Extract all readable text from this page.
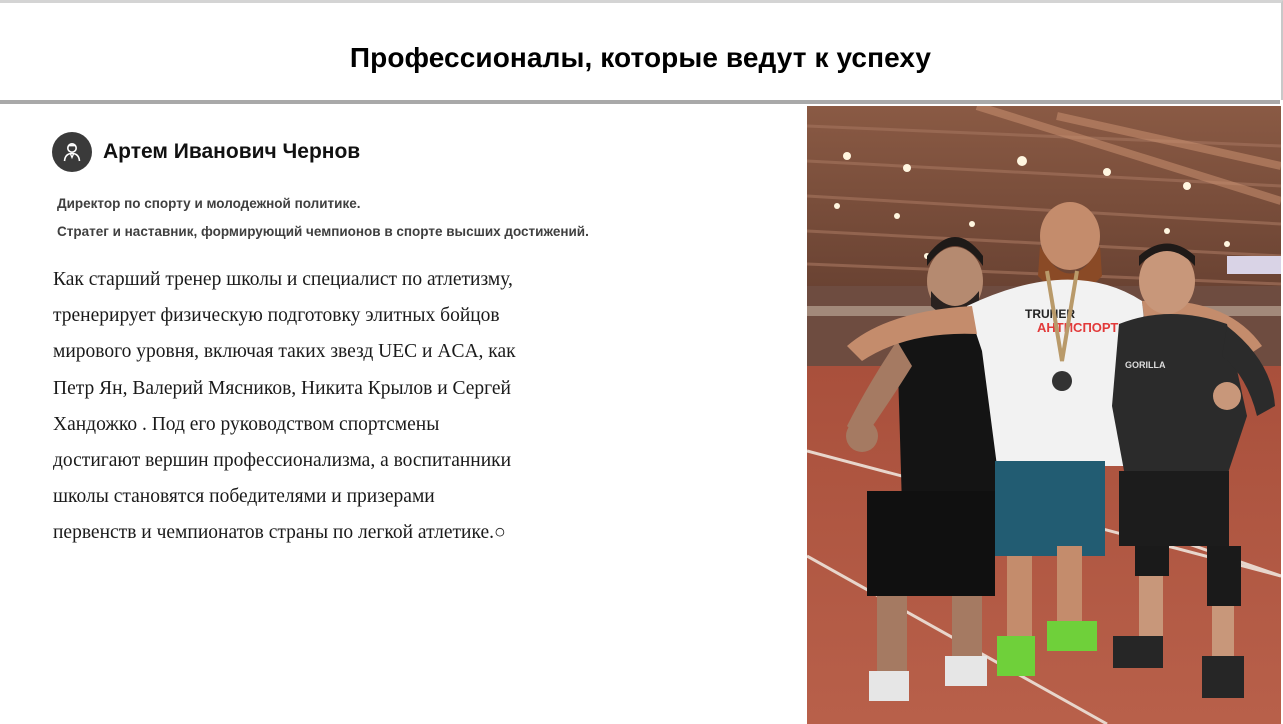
Профессионалы, которые ведут к успеху
Артем Иванович Чернов
Директор по спорту и молодежной политике.
Стратег и наставник, формирующий чемпионов в спорте высших достижений.
Как старший тренер школы и специалист по атлетизму,
тренерирует физическую подготовку элитных бойцов
мирового уровня, включая таких звезд UEC и ACA, как
Петр Ян, Валерий Мясников, Никита Крылов и Сергей
Хандожко . Под его руководством спортсмены
достигают вершин профессионализма, а воспитанники
школы становятся победителями и призерами
первенств и чемпионатов страны по легкой атлетике.○
TRUNER
АНТИСПОРТ
GORILLA
